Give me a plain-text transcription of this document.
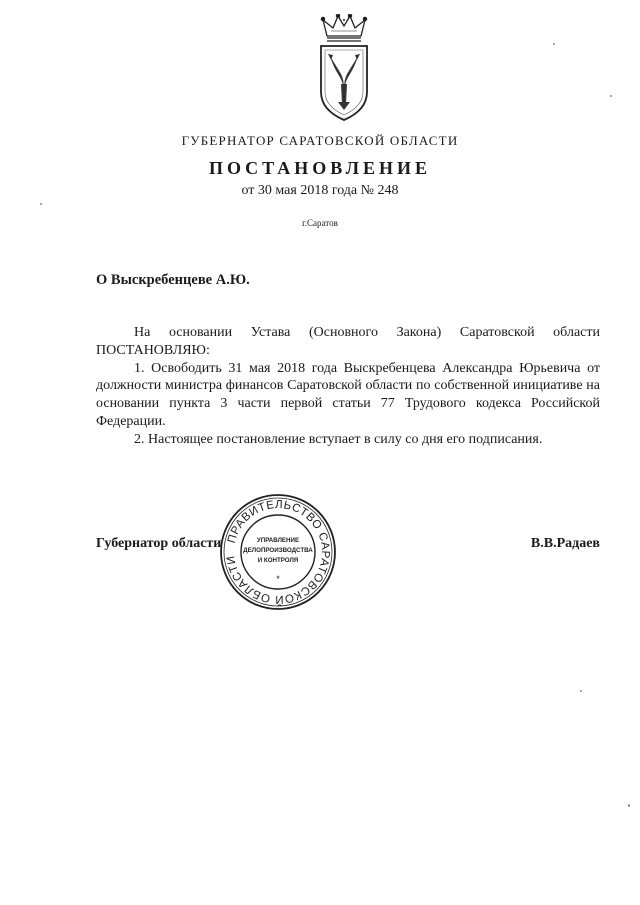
ГУБЕРНАТОР САРАТОВСКОЙ ОБЛАСТИ
ПОСТАНОВЛЕНИЕ
от 30 мая 2018 года № 248
г.Саратов
О Выскребенцеве А.Ю.

На основании Устава (Основного Закона) Саратовской области ПОСТАНОВЛЯЮ:

1. Освободить 31 мая 2018 года Выскребенцева Александра Юрьевича от должности министра финансов Саратовской области по собственной инициативе на основании пункта 3 части первой статьи 77 Трудового кодекса Российской Федерации.

2. Настоящее постановление вступает в силу со дня его подписания.

Губернатор области	В.В.Радаев
ПРАВИТЕЛЬСТВО САРАТОВСКОЙ ОБЛАСТИ
*
УПРАВЛЕНИЕ
ДЕЛОПРОИЗВОДСТВА
И КОНТРОЛЯ
